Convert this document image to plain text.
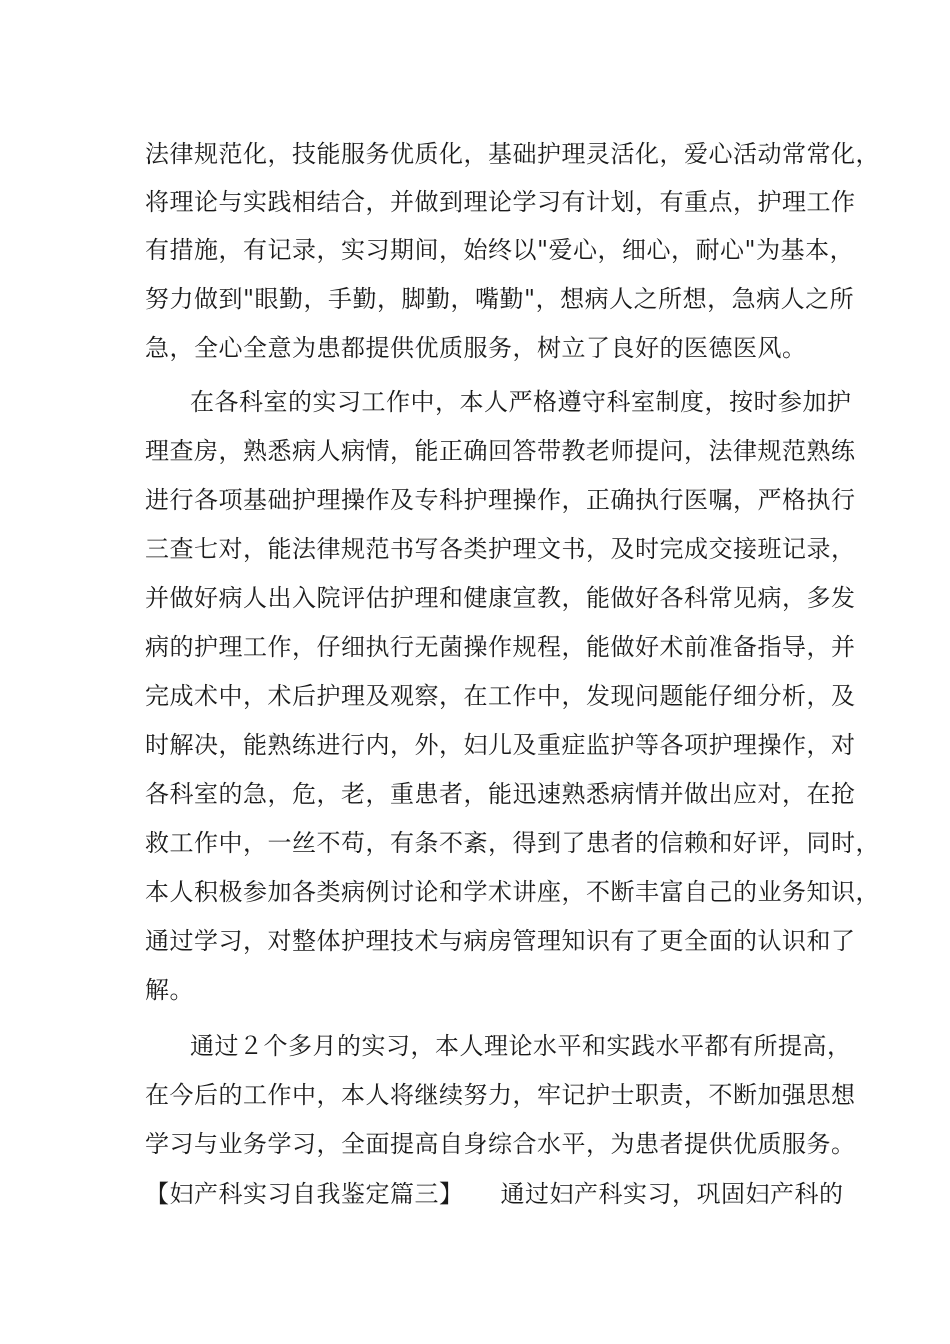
法律规范化，技能服务优质化，基础护理灵活化，爱心活动常常化，
将理论与实践相结合，并做到理论学习有计划，有重点，护理工作
有措施，有记录，实习期间，始终以"爱心，细心，耐心"为基本，
努力做到"眼勤，手勤，脚勤，嘴勤"，想病人之所想，急病人之所
急，全心全意为患都提供优质服务，树立了良好的医德医风。
在各科室的实习工作中，本人严格遵守科室制度，按时参加护
理查房，熟悉病人病情，能正确回答带教老师提问，法律规范熟练
进行各项基础护理操作及专科护理操作，正确执行医嘱，严格执行
三查七对，能法律规范书写各类护理文书，及时完成交接班记录，
并做好病人出入院评估护理和健康宣教，能做好各科常见病，多发
病的护理工作，仔细执行无菌操作规程，能做好术前准备指导，并
完成术中，术后护理及观察，在工作中，发现问题能仔细分析，及
时解决，能熟练进行内，外，妇儿及重症监护等各项护理操作，对
各科室的急，危，老，重患者，能迅速熟悉病情并做出应对，在抢
救工作中，一丝不苟，有条不紊，得到了患者的信赖和好评，同时，
本人积极参加各类病例讨论和学术讲座，不断丰富自己的业务知识，
通过学习，对整体护理技术与病房管理知识有了更全面的认识和了
解。
通过２个多月的实习，本人理论水平和实践水平都有所提高，
在今后的工作中，本人将继续努力，牢记护士职责，不断加强思想
学习与业务学习，全面提高自身综合水平，为患者提供优质服务。
【妇产科实习自我鉴定篇三】　　通过妇产科实习，巩固妇产科的
